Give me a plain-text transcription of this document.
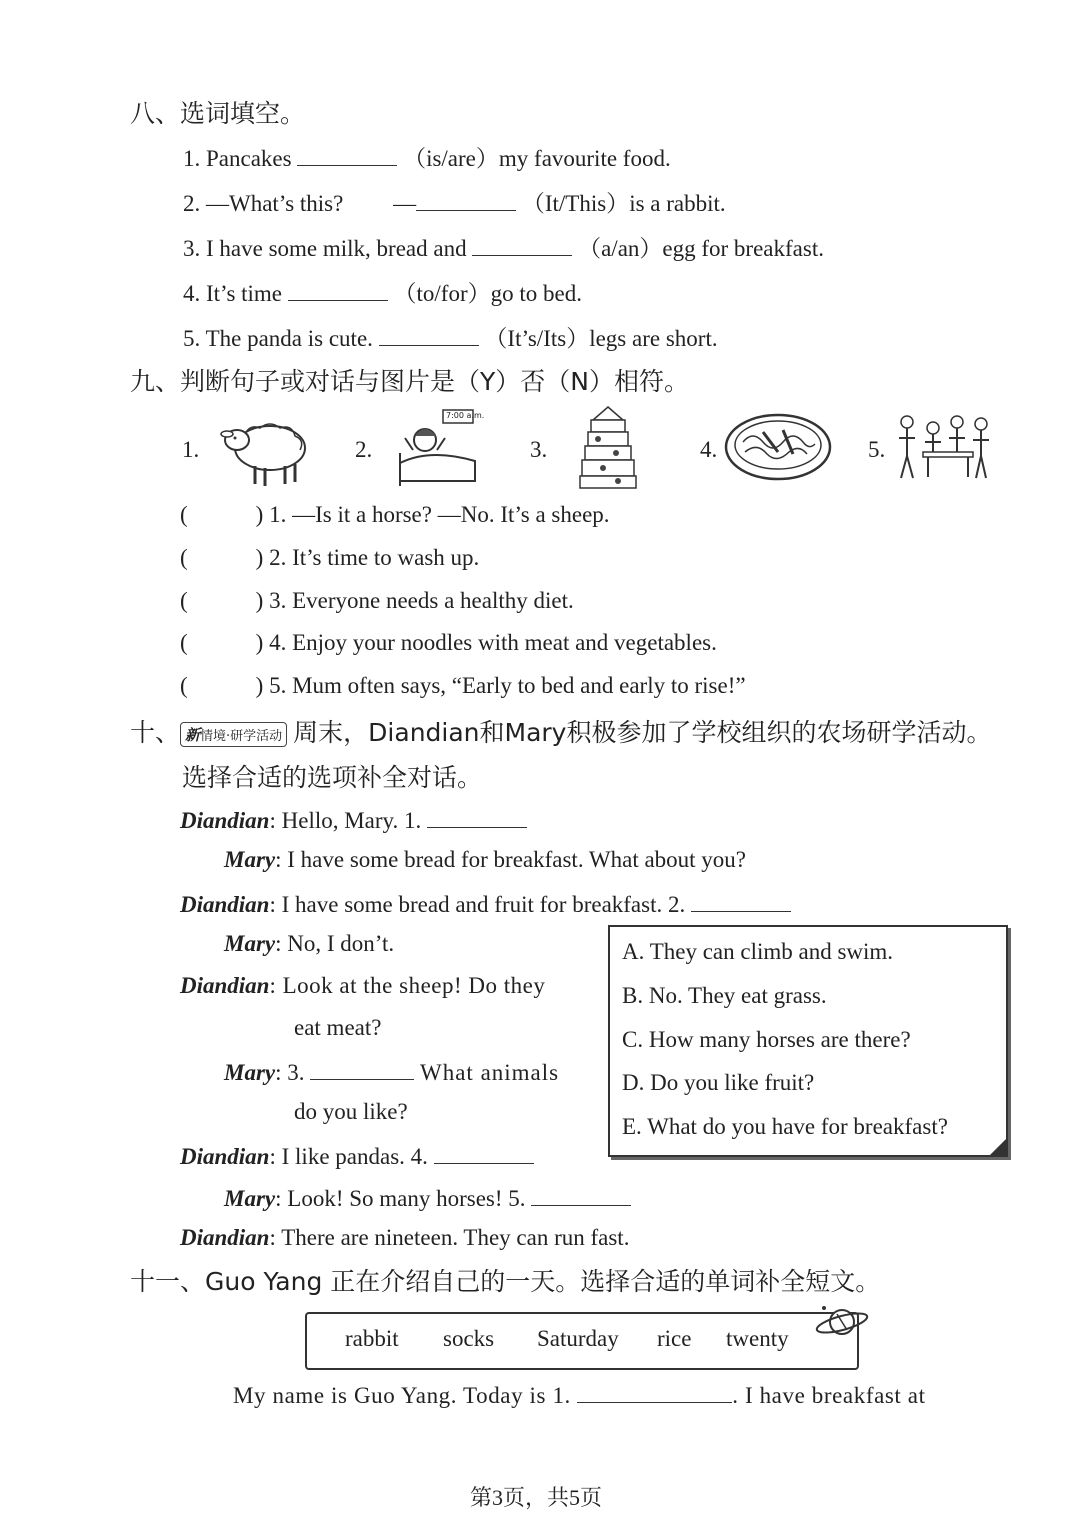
八、选词填空。
1. Pancakes	（is/are）my favourite food.
2. —What’s this? —	（It/This）is a rabbit.
3. I have some milk, bread and	（a/an）egg for breakfast.
4. It’s time	（to/for）go to bed.
5. The panda is cute.	（It’s/Its）legs are short.
九、判断句子或对话与图片是（Y）否（N）相符。
1.	2.
7:00 a.m.
3.	4.	5.
(	) 1. —Is it a horse? —No. It’s a sheep.
(	) 2. It’s time to wash up.
(	) 3. Everyone needs a healthy diet.
(	) 4. Enjoy your noodles with meat and vegetables.
(	) 5. Mum often says, “Early to bed and early to rise!”
十、 新情境·研学活动 周末，Diandian和Mary积极参加了学校组织的农场研学活动。
选择合适的选项补全对话。
Diandian: Hello, Mary. 1.
Mary: I have some bread for breakfast. What about you?
Diandian: I have some bread and fruit for breakfast. 2.
Mary: No, I don’t.
Diandian: Look at the sheep! Do they
eat meat?
Mary: 3.	What animals
do you like?
Diandian: I like pandas. 4.
Mary: Look! So many horses! 5.
Diandian: There are nineteen. They can run fast.
A. They can climb and swim.
B. No. They eat grass.
C. How many horses are there?
D. Do you like fruit?
E. What do you have for breakfast?
十一、Guo Yang 正在介绍自己的一天。选择合适的单词补全短文。
rabbit socks Saturday rice twenty
My name is Guo Yang. Today is 1.	. I have breakfast at
第3页，共5页
